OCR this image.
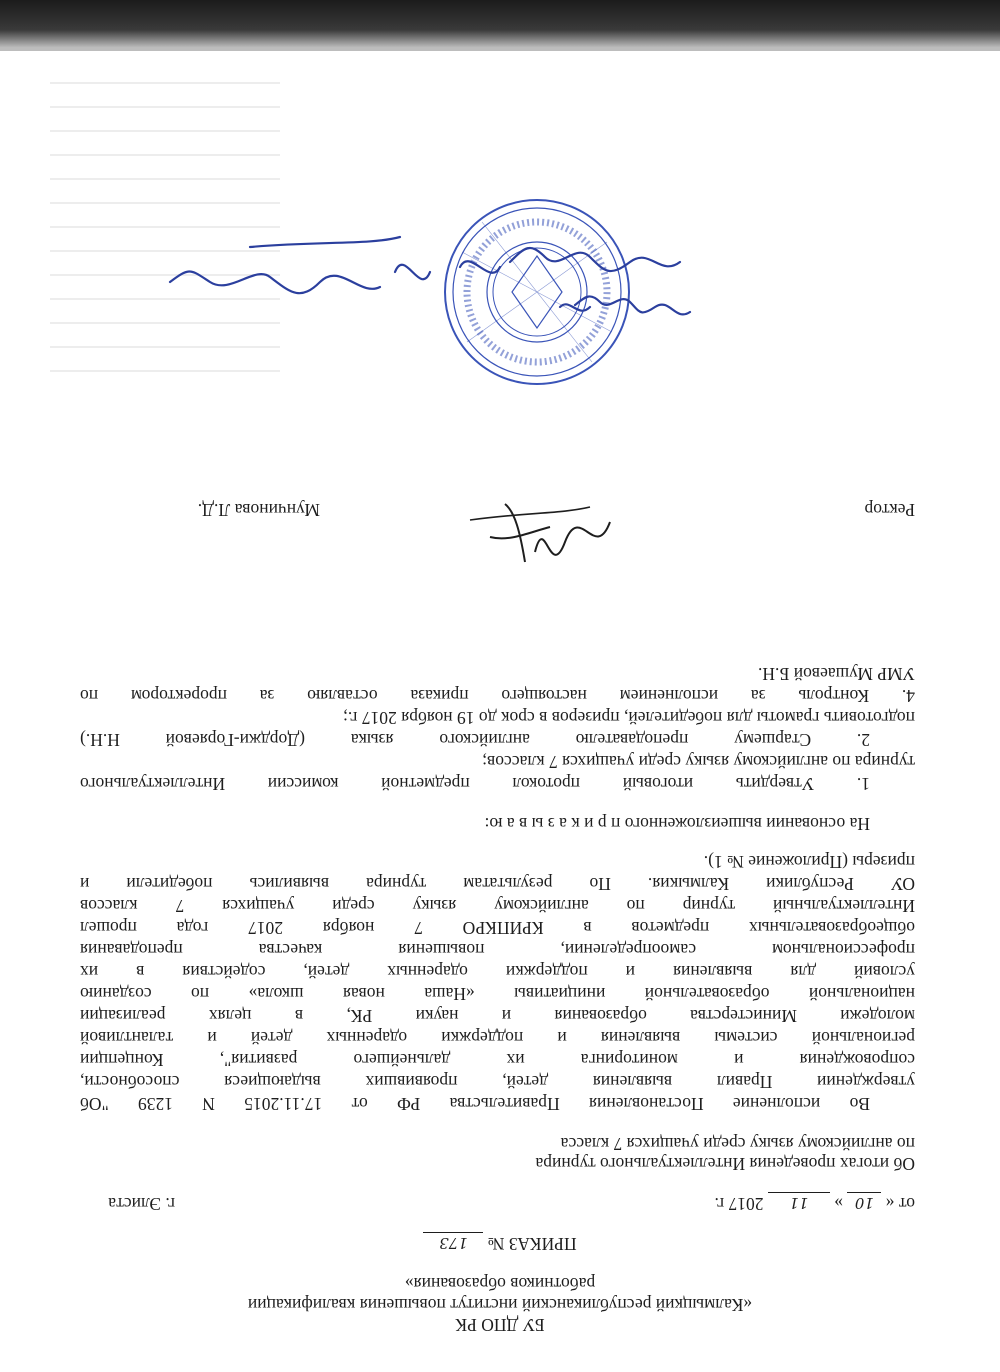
БУ ДПО РК
«Калмыцкий республиканский институт повышения квалификации
работников образования»
ПРИКАЗ № 173
от « 10 » 11 2017 г.
г. Элиста
Об итогах проведения Интеллектуального турнира
по английскому языку среди учащихся 7 класса
Во исполнение Постановления Правительства РФ от 17.11.2015 N 1239 "Об
утверждении Правил выявления детей, проявивших выдающиеся способности,
сопровождения и мониторинга их дальнейшего развития", Концепции
региональной системы выявления и поддержки одаренных детей и талантливой
молодежи Министерства образования и науки РК, в целях реализации
национальной образовательной инициативы «Наша новая школа» по созданию
условий для выявления и поддержки одаренных детей, содействия в их
профессиональном самоопределении, повышения качества преподавания
общеобразовательных предметов в КРИПКРО 7 ноября 2017 года прошел
Интеллектуальный турнир по английскому языку среди учащихся 7 классов
ОУ Республики Калмыкия. По результатам турнира выявились победители и
призеры (Приложение № 1).
На основании вышеизложенного п р и к а з ы в а ю:
1. Утвердить итоговый протокол предметной комиссии Интеллектуального
турнира по английскому языку среди учащихся 7 классов;
2. Старшему преподавателю английского языка (Дорджи-Горяевой Н.Н.)
подготовить грамоты для победителей, призеров в срок до 19 ноября 2017 г.;
4. Контроль за исполнением настоящего приказа оставляю за проректором по
УМР Мушаевой Б.Н.
Ректор
Мунчинова Л.Д.
